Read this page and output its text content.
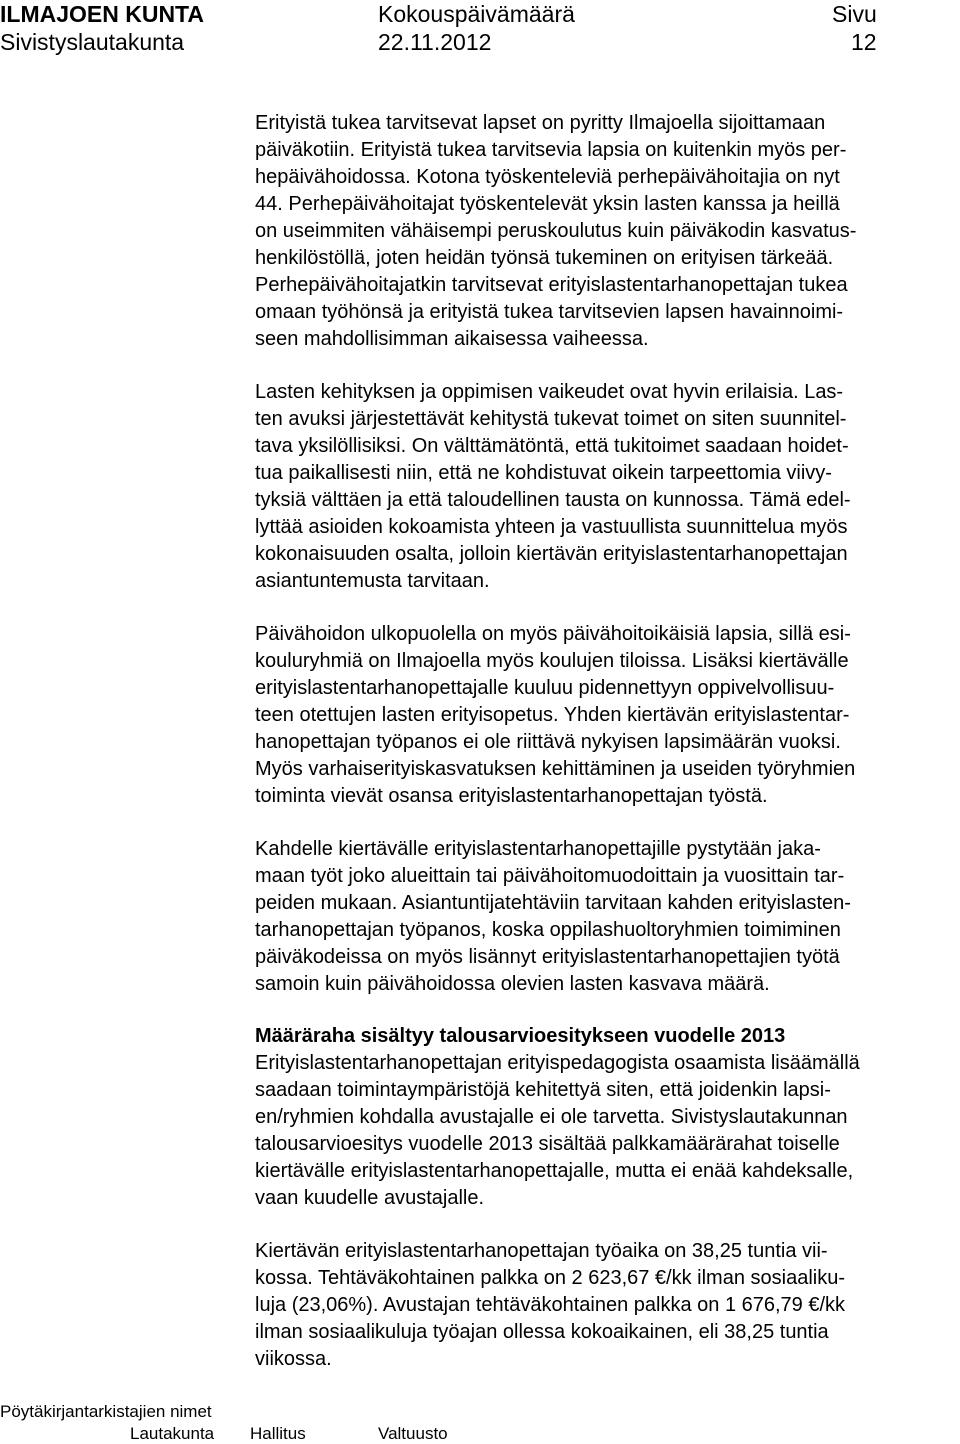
ILMAJOEN KUNTA
Sivistyslautakunta
Kokouspäivämäärä
22.11.2012
Sivu
12

Erityistä tukea tarvitsevat lapset on pyritty Ilmajoella sijoittamaan
päiväkotiin. Erityistä tukea tarvitsevia lapsia on kuitenkin myös per-
hepäivähoidossa. Kotona työskenteleviä perhepäivähoitajia on nyt
44. Perhepäivähoitajat työskentelevät yksin lasten kanssa ja heillä
on useimmiten vähäisempi peruskoulutus kuin päiväkodin kasvatus-
henkilöstöllä, joten heidän työnsä tukeminen on erityisen tärkeää.
Perhepäivähoitajatkin tarvitsevat erityislastentarhanopettajan tukea
omaan työhönsä ja erityistä tukea tarvitsevien lapsen havainnoimi-
seen mahdollisimman aikaisessa vaiheessa.

Lasten kehityksen ja oppimisen vaikeudet ovat hyvin erilaisia. Las-
ten avuksi järjestettävät kehitystä tukevat toimet on siten suunnitel-
tava yksilöllisiksi. On välttämätöntä, että tukitoimet saadaan hoidet-
tua paikallisesti niin, että ne kohdistuvat oikein tarpeettomia viivy-
tyksiä välttäen ja että taloudellinen tausta on kunnossa. Tämä edel-
lyttää asioiden kokoamista yhteen ja vastuullista suunnittelua myös
kokonaisuuden osalta, jolloin kiertävän erityislastentarhanopettajan
asiantuntemusta tarvitaan.

Päivähoidon ulkopuolella on myös päivähoitoikäisiä lapsia, sillä esi-
kouluryhmiä on Ilmajoella myös koulujen tiloissa. Lisäksi kiertävälle
erityislastentarhanopettajalle kuuluu pidennettyyn oppivelvollisuu-
teen otettujen lasten erityisopetus. Yhden kiertävän erityislastentar-
hanopettajan työpanos ei ole riittävä nykyisen lapsimäärän vuoksi.
Myös varhaiserityiskasvatuksen kehittäminen ja useiden työryhmien
toiminta vievät osansa erityislastentarhanopettajan työstä.

Kahdelle kiertävälle erityislastentarhanopettajille pystytään jaka-
maan työt joko alueittain tai päivähoitomuodoittain ja vuosittain tar-
peiden mukaan. Asiantuntijatehtäviin tarvitaan kahden erityislasten-
tarhanopettajan työpanos, koska oppilashuoltoryhmien toimiminen
päiväkodeissa on myös lisännyt erityislastentarhanopettajien työtä
samoin kuin päivähoidossa olevien lasten kasvava määrä.

Määräraha sisältyy talousarvioesitykseen vuodelle 2013

Erityislastentarhanopettajan erityispedagogista osaamista lisäämällä
saadaan toimintaympäristöjä kehitettyä siten, että joidenkin lapsi-
en/ryhmien kohdalla avustajalle ei ole tarvetta. Sivistyslautakunnan
talousarvioesitys vuodelle 2013 sisältää palkkamäärärahat toiselle
kiertävälle erityislastentarhanopettajalle, mutta ei enää kahdeksalle,
vaan kuudelle avustajalle.

Kiertävän erityislastentarhanopettajan työaika on 38,25 tuntia vii-
kossa. Tehtäväkohtainen palkka on 2 623,67 €/kk ilman sosiaaliku-
luja (23,06%). Avustajan tehtäväkohtainen palkka on 1 676,79 €/kk
ilman sosiaalikuluja työajan ollessa kokoaikainen, eli 38,25 tuntia
viikossa.

Pöytäkirjantarkistajien nimet
Lautakunta Hallitus	Valtuusto
